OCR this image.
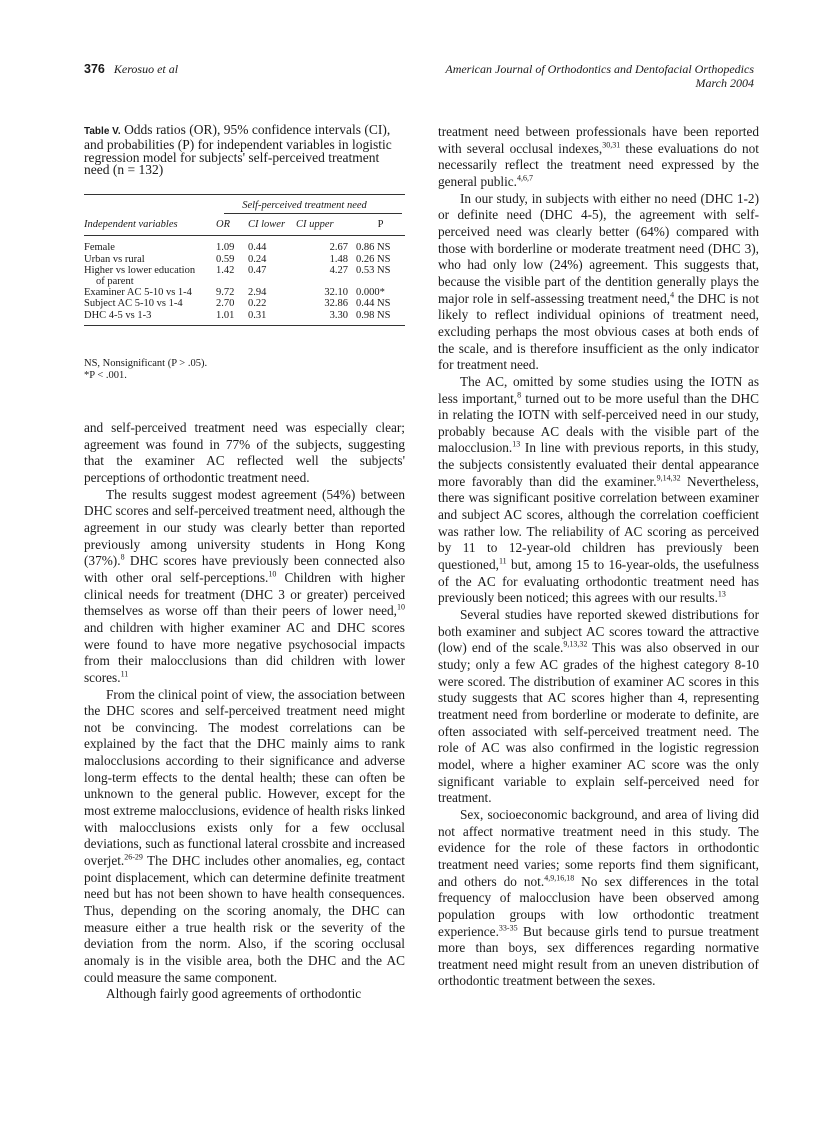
376 Kerosuo et al	American Journal of Orthodontics and Dentofacial Orthopedics
March 2004
Table V. Odds ratios (OR), 95% confidence intervals (CI), and probabilities (P) for independent variables in logistic regression model for subjects' self-perceived treatment need (n = 132)
Self-perceived treatment need				

Independent variables	OR	CI lower	CI upper	P
Female	1.09	0.44	2.67	0.86 NS
Urban vs rural	0.59	0.24	1.48	0.26 NS
Higher vs lower education
of parent	1.42	0.47	4.27	0.53 NS
Examiner AC 5-10 vs 1-4	9.72	2.94	32.10	0.000*
Subject AC 5-10 vs 1-4	2.70	0.22	32.86	0.44 NS
DHC 4-5 vs 1-3	1.01	0.31	3.30	0.98 NS
NS, Nonsignificant (P > .05).
*P < .001.

and self-perceived treatment need was especially clear; agreement was found in 77% of the subjects, suggesting that the examiner AC reflected well the subjects' perceptions of orthodontic treatment need.

The results suggest modest agreement (54%) between DHC scores and self-perceived treatment need, although the agreement in our study was clearly better than reported previously among university students in Hong Kong (37%).$^8$ DHC scores have previously been connected also with other oral self-perceptions.$^{10}$ Children with higher clinical needs for treatment (DHC 3 or greater) perceived themselves as worse off than their peers of lower need,$^{10}$ and children with higher examiner AC and DHC scores were found to have more negative psychosocial impacts from their malocclusions than did children with lower scores.$^{11}$

From the clinical point of view, the association between the DHC scores and self-perceived treatment need might not be convincing. The modest correlations can be explained by the fact that the DHC mainly aims to rank malocclusions according to their significance and adverse long-term effects to the dental health; these can often be unknown to the general public. However, except for the most extreme malocclusions, evidence of health risks linked with malocclusions exists only for a few occlusal deviations, such as functional lateral crossbite and increased overjet.$^{26-29}$ The DHC includes other anomalies, eg, contact point displacement, which can determine definite treatment need but has not been shown to have health consequences. Thus, depending on the scoring anomaly, the DHC can measure either a true health risk or the severity of the deviation from the norm. Also, if the scoring occlusal anomaly is in the visible area, both the DHC and the AC could measure the same component.

Although fairly good agreements of orthodontic

treatment need between professionals have been reported with several occlusal indexes,$^{30,31}$ these evaluations do not necessarily reflect the treatment need expressed by the general public.$^{4,6,7}$

In our study, in subjects with either no need (DHC 1-2) or definite need (DHC 4-5), the agreement with self-perceived need was clearly better (64%) compared with those with borderline or moderate treatment need (DHC 3), who had only low (24%) agreement. This suggests that, because the visible part of the dentition generally plays the major role in self-assessing treatment need,$^4$ the DHC is not likely to reflect individual opinions of treatment need, excluding perhaps the most obvious cases at both ends of the scale, and is therefore insufficient as the only indicator for treatment need.

The AC, omitted by some studies using the IOTN as less important,$^8$ turned out to be more useful than the DHC in relating the IOTN with self-perceived need in our study, probably because AC deals with the visible part of the malocclusion.$^{13}$ In line with previous reports, in this study, the subjects consistently evaluated their dental appearance more favorably than did the examiner.$^{9,14,32}$ Nevertheless, there was significant positive correlation between examiner and subject AC scores, although the correlation coefficient was rather low. The reliability of AC scoring as perceived by 11 to 12-year-old children has previously been questioned,$^{11}$ but, among 15 to 16-year-olds, the usefulness of the AC for evaluating orthodontic treatment need has previously been noticed; this agrees with our results.$^{13}$

Several studies have reported skewed distributions for both examiner and subject AC scores toward the attractive (low) end of the scale.$^{9,13,32}$ This was also observed in our study; only a few AC grades of the highest category 8-10 were scored. The distribution of examiner AC scores in this study suggests that AC scores higher than 4, representing treatment need from borderline or moderate to definite, are often associated with self-perceived treatment need. The role of AC was also confirmed in the logistic regression model, where a higher examiner AC score was the only significant variable to explain self-perceived need for treatment.

Sex, socioeconomic background, and area of living did not affect normative treatment need in this study. The evidence for the role of these factors in orthodontic treatment need varies; some reports find them significant, and others do not.$^{4,9,16,18}$ No sex differences in the total frequency of malocclusion have been observed among population groups with low orthodontic treatment experience.$^{33-35}$ But because girls tend to pursue treatment more than boys, sex differences regarding normative treatment need might result from an uneven distribution of orthodontic treatment between the sexes.
